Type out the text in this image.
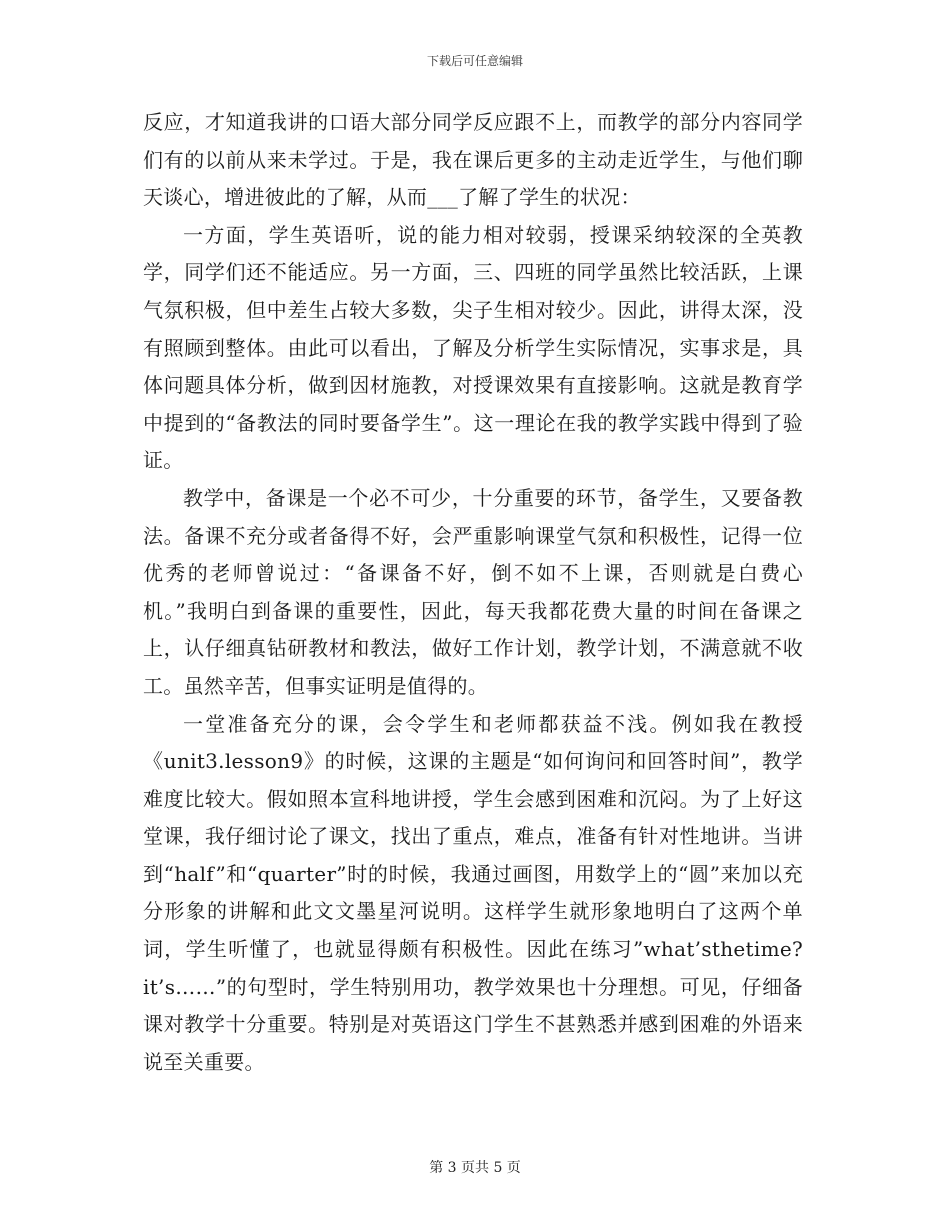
下载后可任意编辑

反应，才知道我讲的口语大部分同学反应跟不上，而教学的部分内容同学们有的以前从来未学过。于是，我在课后更多的主动走近学生，与他们聊天谈心，增进彼此的了解，从而___了解了学生的状况：

一方面，学生英语听，说的能力相对较弱，授课采纳较深的全英教学，同学们还不能适应。另一方面，三、四班的同学虽然比较活跃，上课气氛积极，但中差生占较大多数，尖子生相对较少。因此，讲得太深，没有照顾到整体。由此可以看出，了解及分析学生实际情况，实事求是，具体问题具体分析，做到因材施教，对授课效果有直接影响。这就是教育学中提到的“备教法的同时要备学生”。这一理论在我的教学实践中得到了验证。

教学中，备课是一个必不可少，十分重要的环节，备学生，又要备教法。备课不充分或者备得不好，会严重影响课堂气氛和积极性，记得一位优秀的老师曾说过：“备课备不好，倒不如不上课，否则就是白费心机。”我明白到备课的重要性，因此，每天我都花费大量的时间在备课之上，认仔细真钻研教材和教法，做好工作计划，教学计划，不满意就不收工。虽然辛苦，但事实证明是值得的。

一堂准备充分的课，会令学生和老师都获益不浅。例如我在教授《unit3.lesson9》的时候，这课的主题是“如何询问和回答时间”，教学难度比较大。假如照本宣科地讲授，学生会感到困难和沉闷。为了上好这堂课，我仔细讨论了课文，找出了重点，难点，准备有针对性地讲。当讲到“half”和“quarter”时的时候，我通过画图，用数学上的“圆”来加以充分形象的讲解和此文文墨星河说明。这样学生就形象地明白了这两个单词，学生听懂了，也就显得颇有积极性。因此在练习”what’sthetime?it’s……”的句型时，学生特别用功，教学效果也十分理想。可见，仔细备课对教学十分重要。特别是对英语这门学生不甚熟悉并感到困难的外语来说至关重要。

第 3 页共 5 页
